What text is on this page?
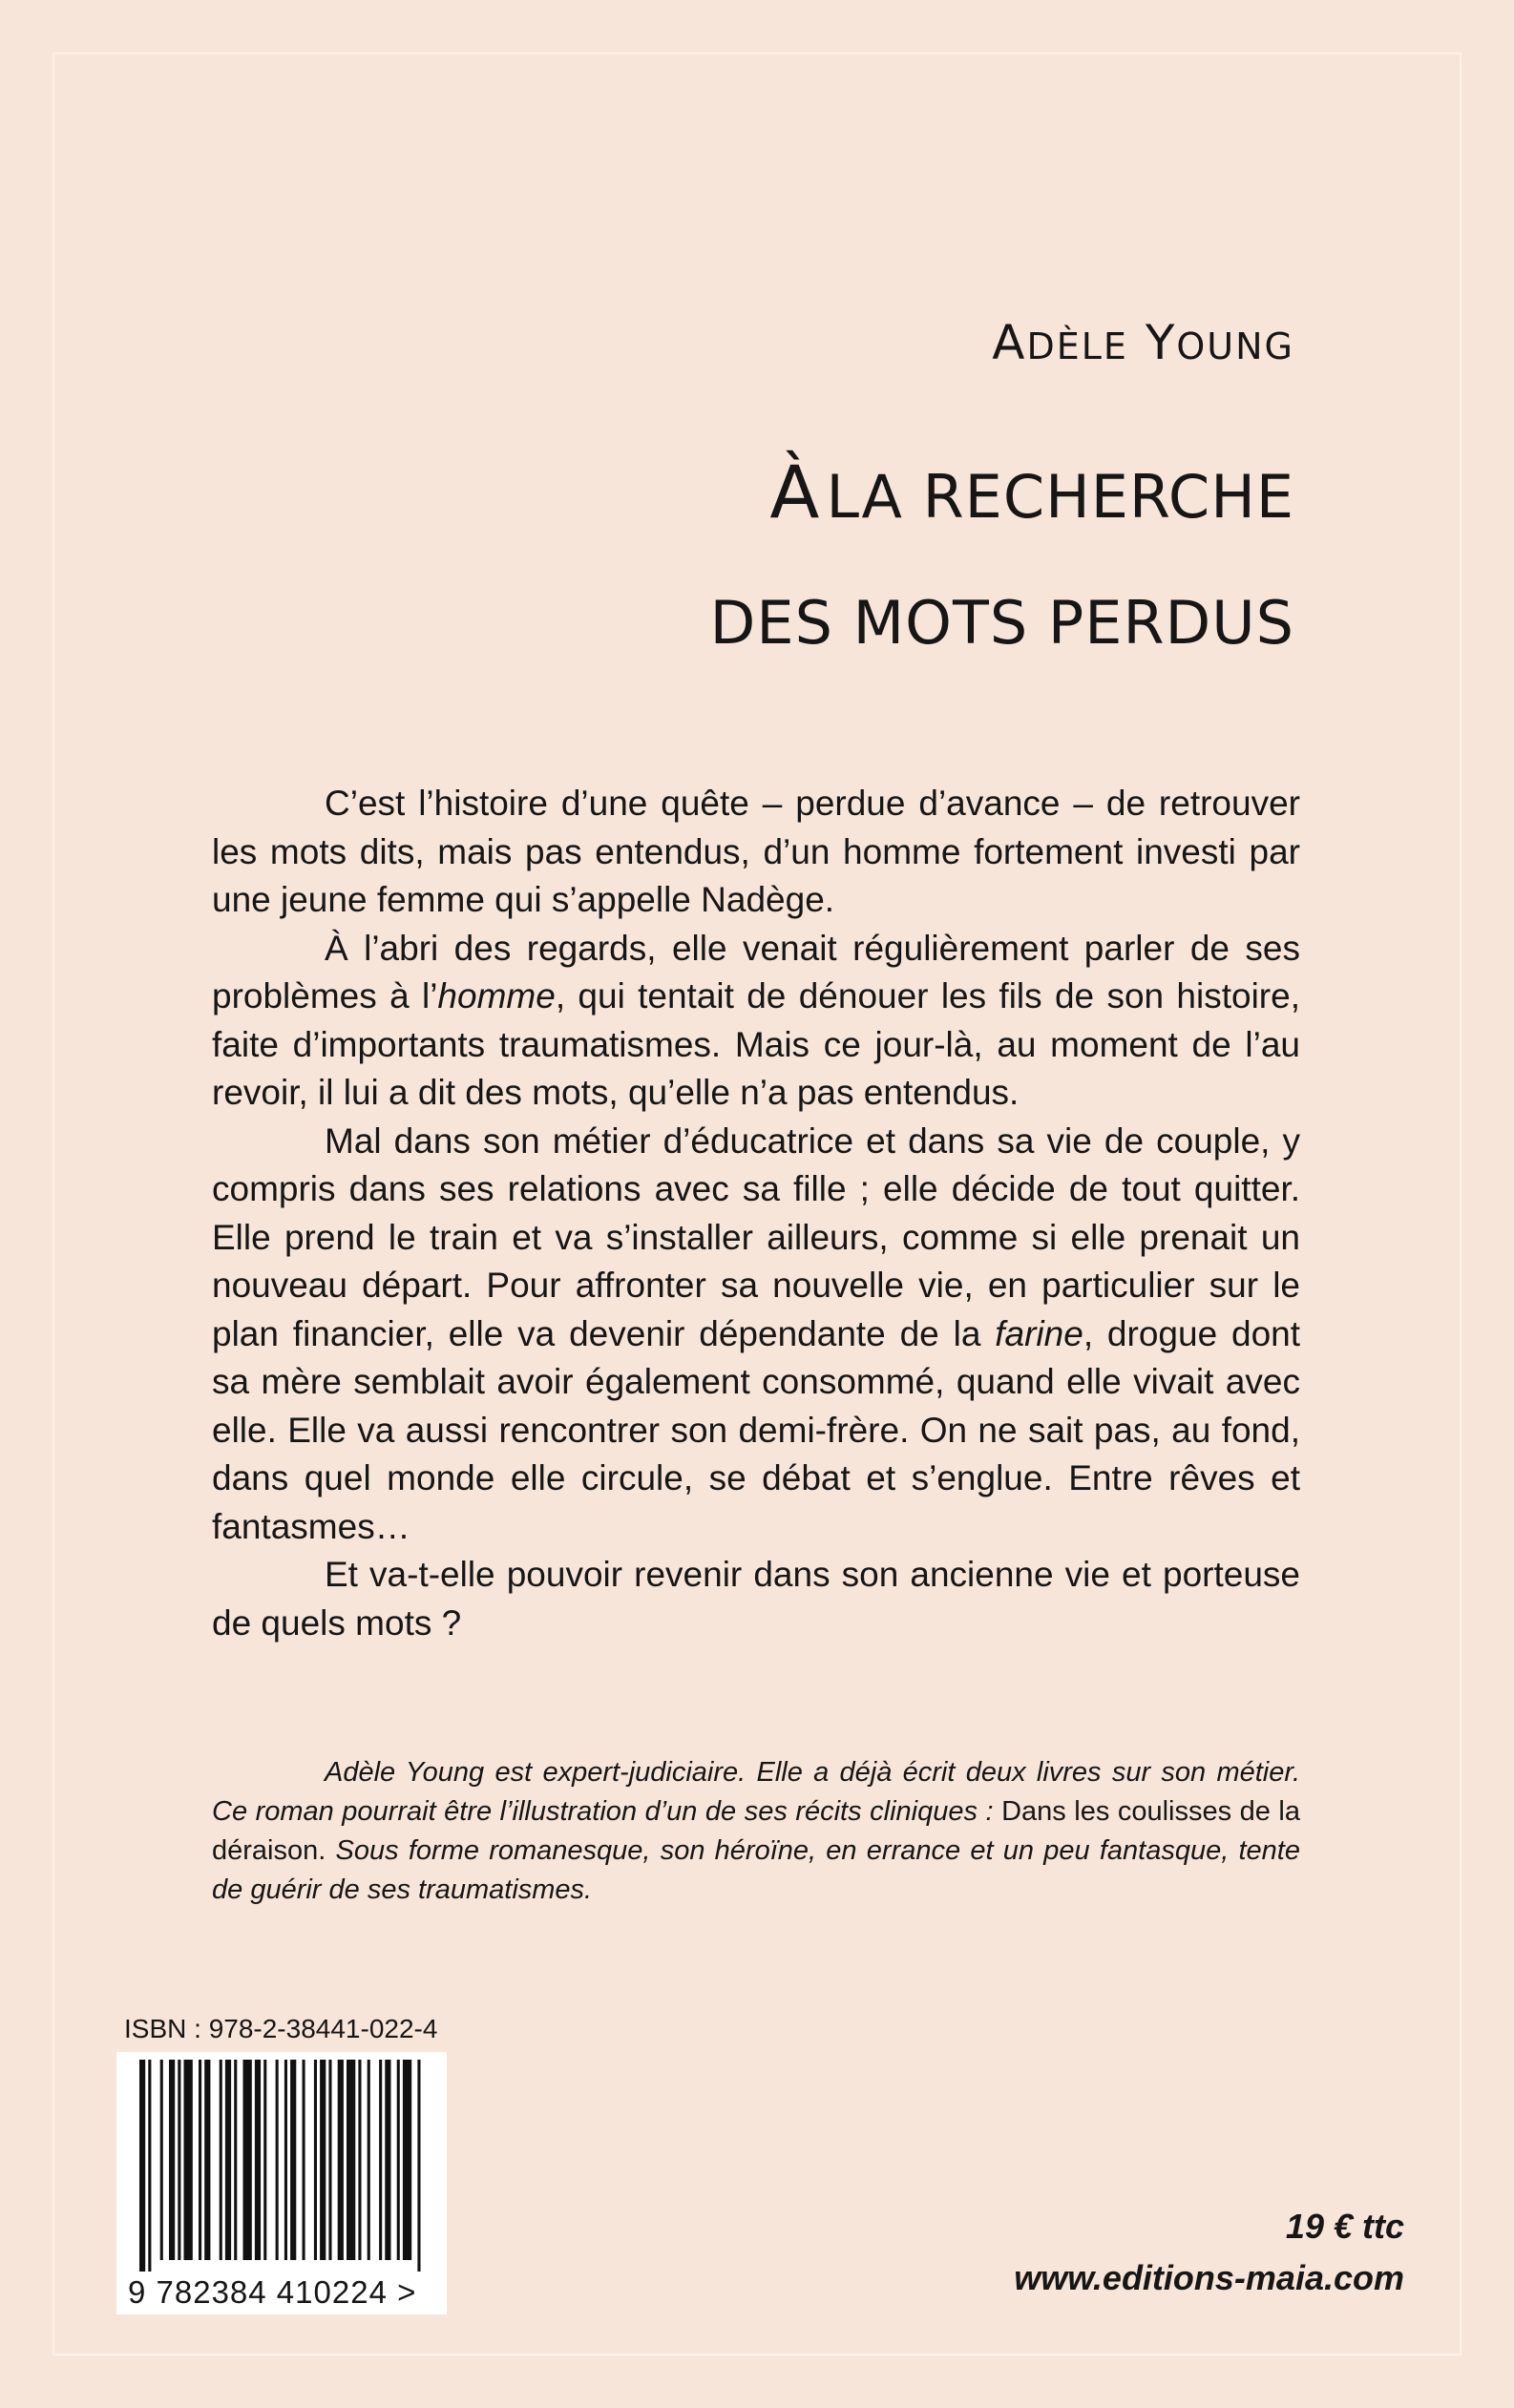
ADÈLE YOUNG
À LA RECHERCHE
DES MOTS PERDUS

C’est l’histoire d’une quête – perdue d’avance – de retrouver les mots dits, mais pas entendus, d’un homme fortement investi par une jeune femme qui s’appelle Nadège.

À l’abri des regards, elle venait régulièrement parler de ses problèmes à l’homme, qui tentait de dénouer les fils de son histoire, faite d’importants traumatismes. Mais ce jour-là, au moment de l’au revoir, il lui a dit des mots, qu’elle n’a pas entendus.

Mal dans son métier d’éducatrice et dans sa vie de couple, y compris dans ses relations avec sa fille ; elle décide de tout quitter. Elle prend le train et va s’installer ailleurs, comme si elle prenait un nouveau départ. Pour affronter sa nouvelle vie, en particulier sur le plan financier, elle va devenir dépendante de la farine, drogue dont sa mère semblait avoir également consommé, quand elle vivait avec elle. Elle va aussi rencontrer son demi-frère. On ne sait pas, au fond, dans quel monde elle circule, se débat et s’englue. Entre rêves et fantasmes…

Et va-t-elle pouvoir revenir dans son ancienne vie et porteuse de quels mots ?

Adèle Young est expert-judiciaire. Elle a déjà écrit deux livres sur son métier. Ce roman pourrait être l’illustration d’un de ses récits cliniques : Dans les coulisses de la déraison. Sous forme romanesque, son héroïne, en errance et un peu fantasque, tente de guérir de ses traumatismes.

ISBN : 978-2-38441-022-4
9 782384 410224 >
19 € ttc
www.editions-maia.com
